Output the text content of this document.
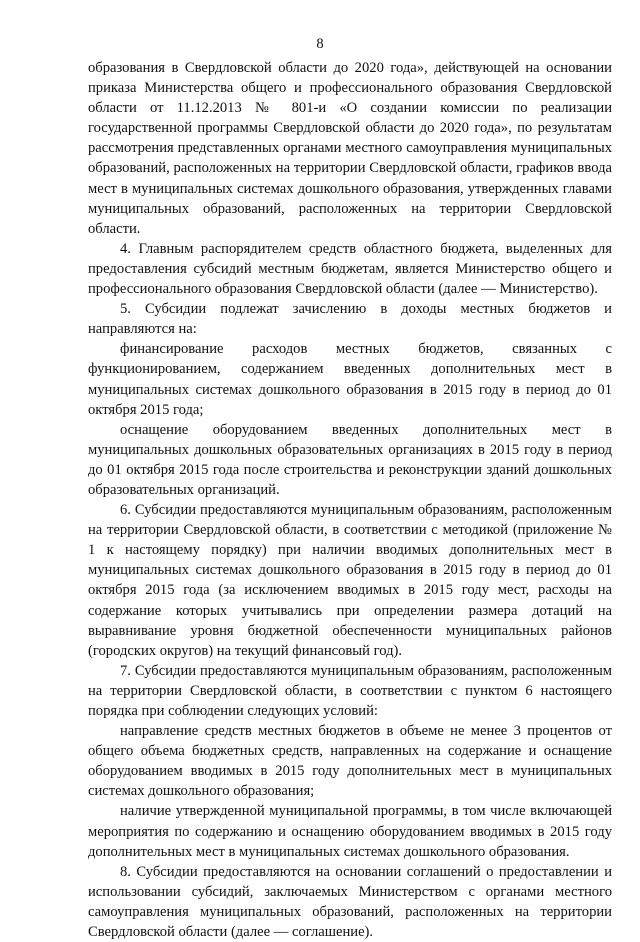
8

образования в Свердловской области до 2020 года», действующей на основании приказа Министерства общего и профессионального образования Свердловской области от 11.12.2013 № 801-и «О создании комиссии по реализации государственной программы Свердловской области до 2020 года», по результатам рассмотрения представленных органами местного самоуправления муниципальных образований, расположенных на территории Свердловской области, графиков ввода мест в муниципальных системах дошкольного образования, утвержденных главами муниципальных образований, расположенных на территории Свердловской области.

4. Главным распорядителем средств областного бюджета, выделенных для предоставления субсидий местным бюджетам, является Министерство общего и профессионального образования Свердловской области (далее — Министерство).

5. Субсидии подлежат зачислению в доходы местных бюджетов и направляются на:

финансирование расходов местных бюджетов, связанных с функционированием, содержанием введенных дополнительных мест в муниципальных системах дошкольного образования в 2015 году в период до 01 октября 2015 года;

оснащение оборудованием введенных дополнительных мест в муниципальных дошкольных образовательных организациях в 2015 году в период до 01 октября 2015 года после строительства и реконструкции зданий дошкольных образовательных организаций.

6. Субсидии предоставляются муниципальным образованиям, расположенным на территории Свердловской области, в соответствии с методикой (приложение № 1 к настоящему порядку) при наличии вводимых дополнительных мест в муниципальных системах дошкольного образования в 2015 году в период до 01 октября 2015 года (за исключением вводимых в 2015 году мест, расходы на содержание которых учитывались при определении размера дотаций на выравнивание уровня бюджетной обеспеченности муниципальных районов (городских округов) на текущий финансовый год).

7. Субсидии предоставляются муниципальным образованиям, расположенным на территории Свердловской области, в соответствии с пунктом 6 настоящего порядка при соблюдении следующих условий:

направление средств местных бюджетов в объеме не менее 3 процентов от общего объема бюджетных средств, направленных на содержание и оснащение оборудованием вводимых в 2015 году дополнительных мест в муниципальных системах дошкольного образования;

наличие утвержденной муниципальной программы, в том числе включающей мероприятия по содержанию и оснащению оборудованием вводимых в 2015 году дополнительных мест в муниципальных системах дошкольного образования.

8. Субсидии предоставляются на основании соглашений о предоставлении и использовании субсидий, заключаемых Министерством с органами местного самоуправления муниципальных образований, расположенных на территории Свердловской области (далее — соглашение).
